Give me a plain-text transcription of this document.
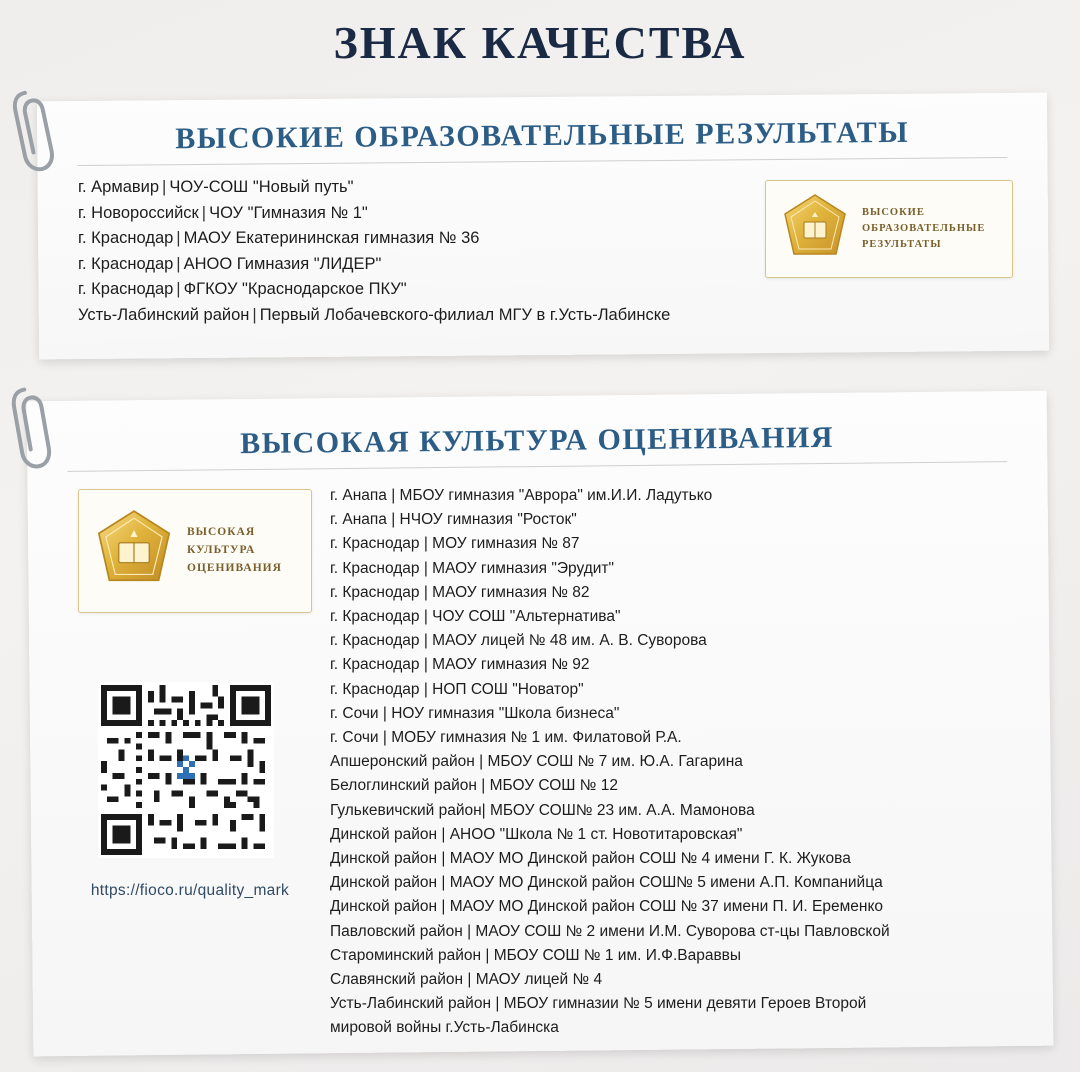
ЗНАК КАЧЕСТВА
ВЫСОКИЕ ОБРАЗОВАТЕЛЬНЫЕ РЕЗУЛЬТАТЫ
г. Армавир | ЧОУ-СОШ "Новый путь"
г. Новороссийск | ЧОУ "Гимназия № 1"
г. Краснодар | МАОУ Екатерининская гимназия № 36
г. Краснодар | АНОО Гимназия "ЛИДЕР"
г. Краснодар | ФГКОУ "Краснодарское ПКУ"
Усть-Лабинский район | Первый Лобачевского-филиал МГУ в г.Усть-Лабинске
ВЫСОКИЕ
ОБРАЗОВАТЕЛЬНЫЕ
РЕЗУЛЬТАТЫ
ВЫСОКАЯ КУЛЬТУРА ОЦЕНИВАНИЯ
ВЫСОКАЯ
КУЛЬТУРА
ОЦЕНИВАНИЯ
https://fioco.ru/quality_mark
г. Анапа | МБОУ гимназия "Аврора" им.И.И. Ладутько
г. Анапа | НЧОУ гимназия "Росток"
г. Краснодар | МОУ гимназия № 87
г. Краснодар | МАОУ гимназия "Эрудит"
г. Краснодар | МАОУ гимназия № 82
г. Краснодар | ЧОУ СОШ "Альтернатива"
г. Краснодар | МАОУ лицей № 48 им. А. В. Суворова
г. Краснодар | МАОУ гимназия № 92
г. Краснодар | НОП СОШ "Новатор"
г. Сочи | НОУ гимназия "Школа бизнеса"
г. Сочи | МОБУ гимназия № 1 им. Филатовой Р.А.
Апшеронский район | МБОУ СОШ № 7 им. Ю.А. Гагарина
Белоглинский район | МБОУ СОШ № 12
Гулькевичский район| МБОУ СОШ№ 23 им. А.А. Мамонова
Динской район | АНОО "Школа № 1 ст. Новотитаровская"
Динской район | МАОУ МО Динской район СОШ № 4 имени Г. К. Жукова
Динской район | МАОУ МО Динской район СОШ№ 5 имени А.П. Компанийца
Динской район | МАОУ МО Динской район СОШ № 37 имени П. И. Еременко
Павловский район | МАОУ СОШ № 2 имени И.М. Суворова ст-цы Павловской
Староминский район | МБОУ СОШ № 1 им. И.Ф.Вараввы
Славянский район | МАОУ лицей № 4
Усть-Лабинский район | МБОУ гимназии № 5 имени девяти Героев Второй
мировой войны г.Усть-Лабинска
